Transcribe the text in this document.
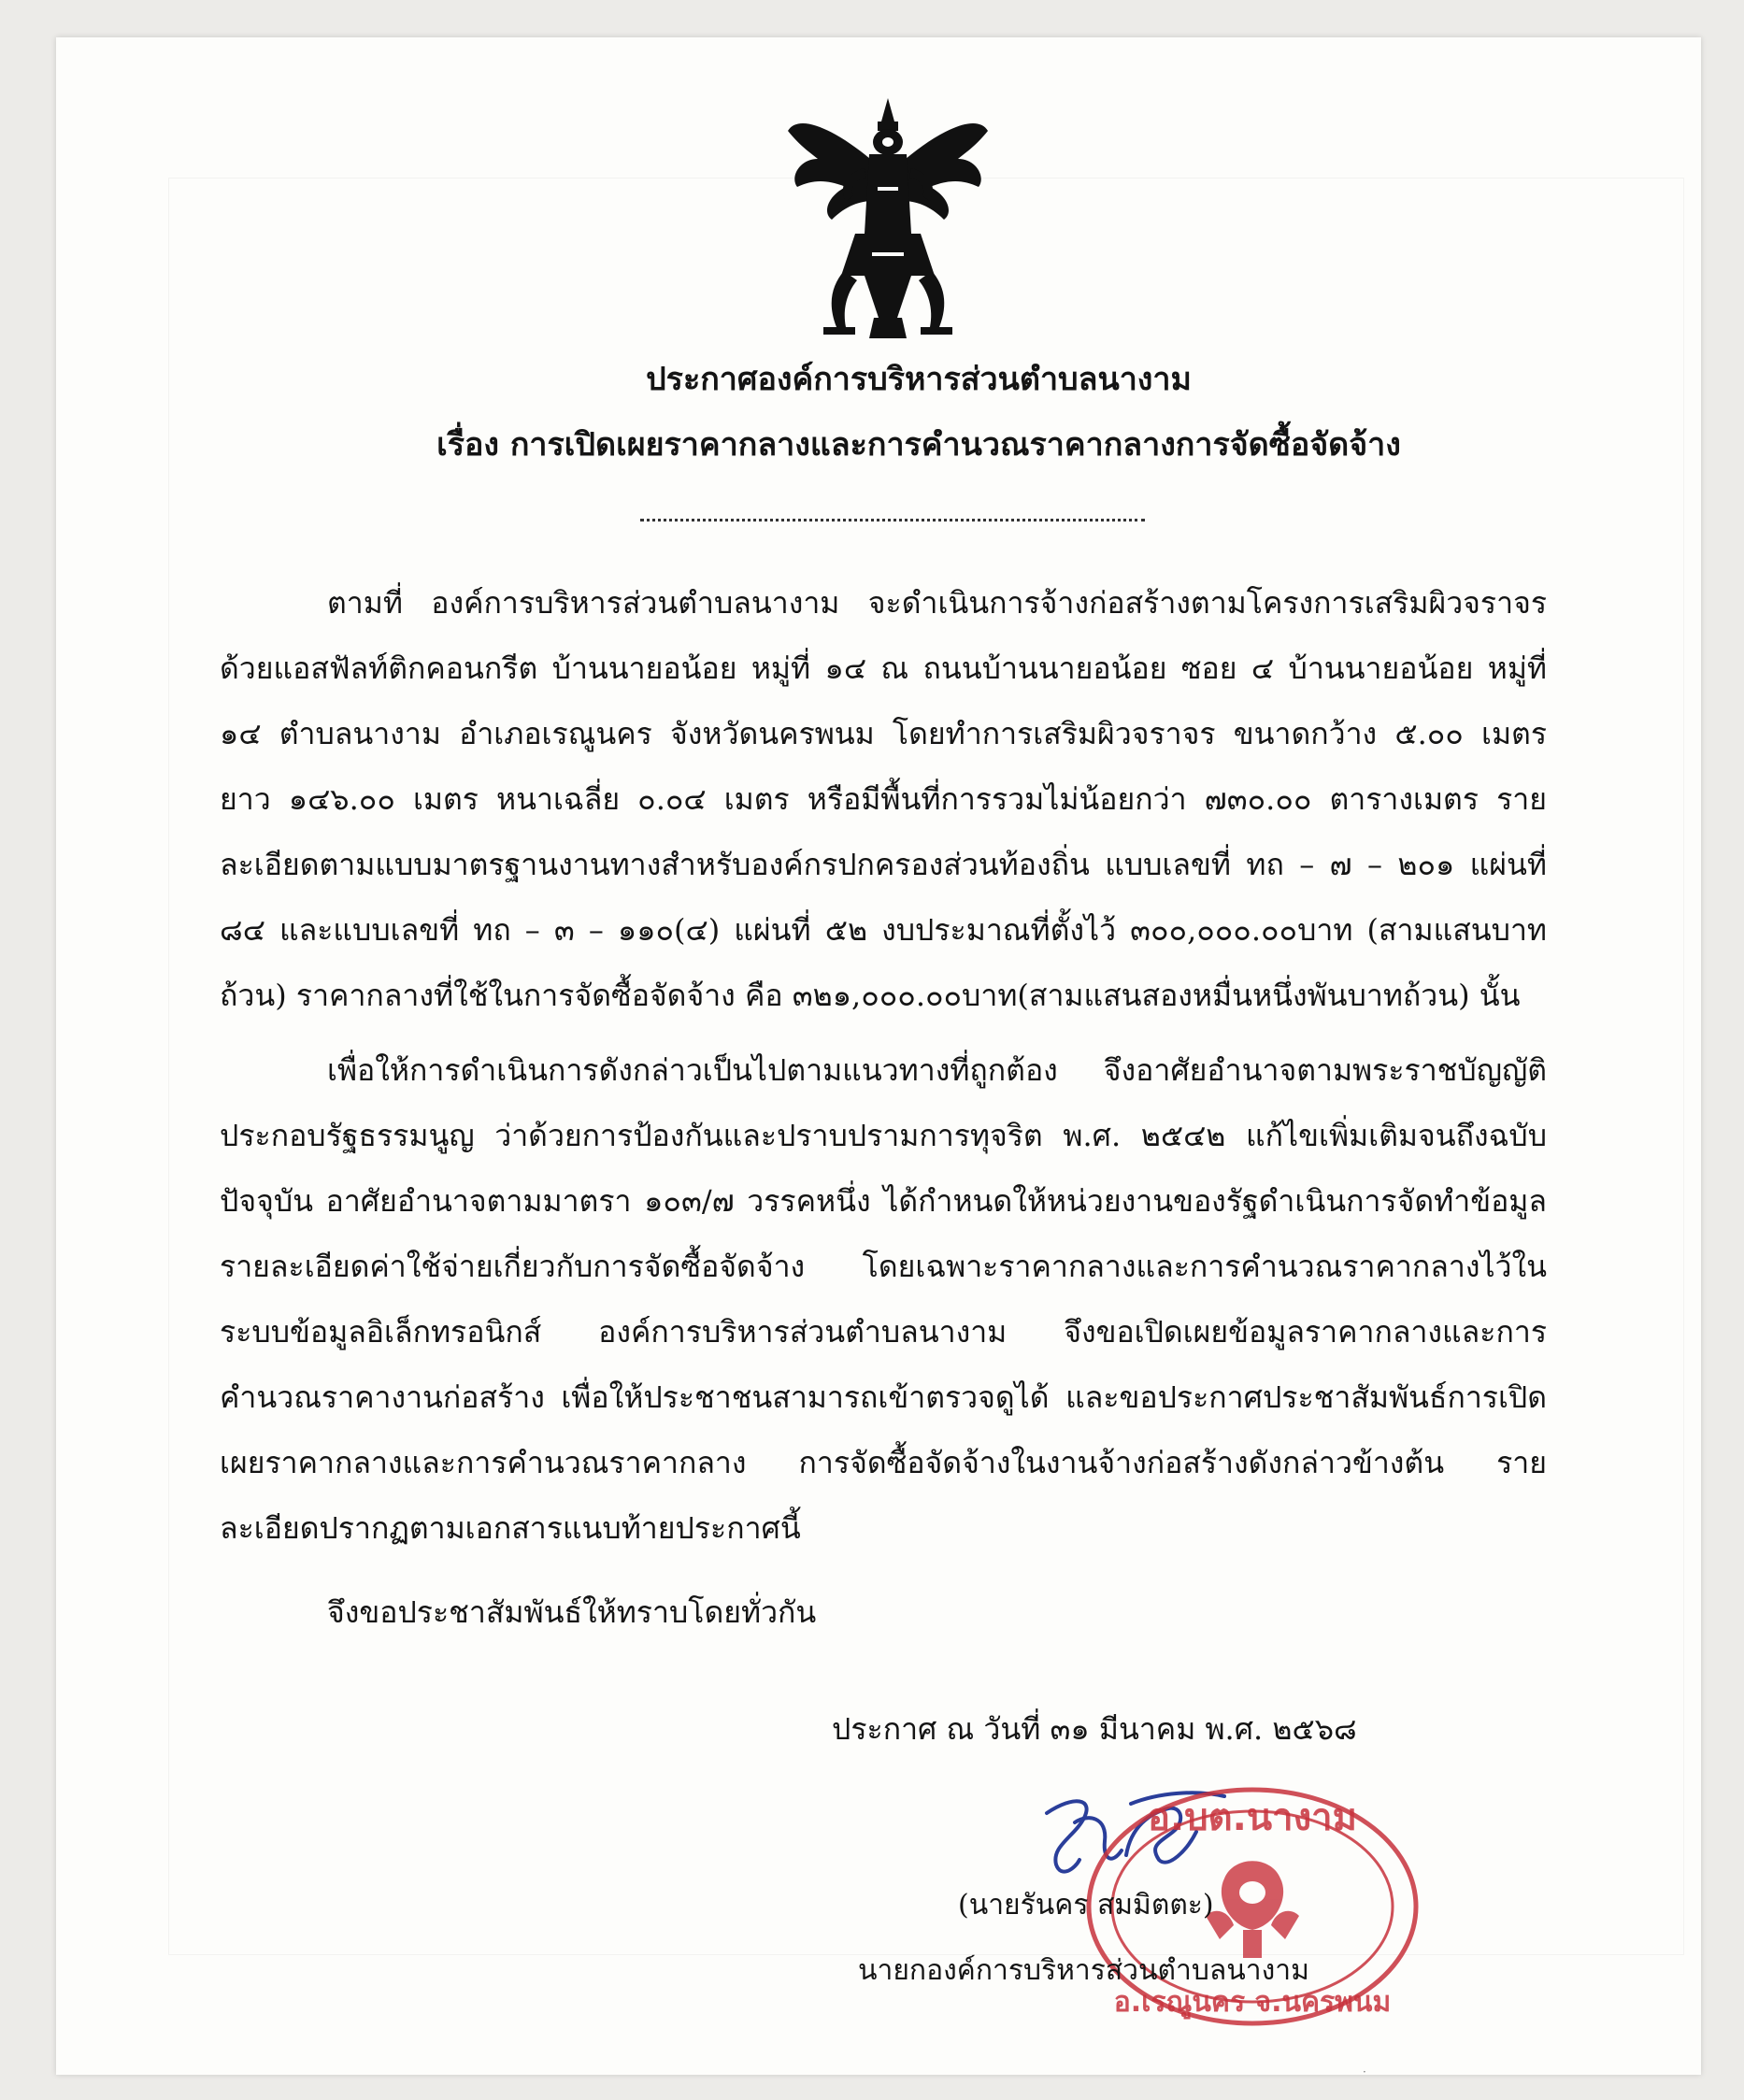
ประกาศองค์การบริหารส่วนตำบลนางาม
เรื่อง การเปิดเผยราคากลางและการคำนวณราคากลางการจัดซื้อจัดจ้าง

ตามที่ องค์การบริหารส่วนตำบลนางาม จะดำเนินการจ้างก่อสร้างตามโครงการเสริมผิวจราจรด้วยแอสฟัลท์ติกคอนกรีต บ้านนายอน้อย หมู่ที่ ๑๔ ณ ถนนบ้านนายอน้อย ซอย ๔ บ้านนายอน้อย หมู่ที่ ๑๔ ตำบลนางาม อำเภอเรณูนคร จังหวัดนครพนม โดยทำการเสริมผิวจราจร ขนาดกว้าง ๕.๐๐ เมตร ยาว ๑๔๖.๐๐ เมตร หนาเฉลี่ย ๐.๐๔ เมตร หรือมีพื้นที่การรวมไม่น้อยกว่า ๗๓๐.๐๐ ตารางเมตร รายละเอียดตามแบบมาตรฐานงานทางสำหรับองค์กรปกครองส่วนท้องถิ่น แบบเลขที่ ทถ – ๗ – ๒๐๑ แผ่นที่ ๘๔ และแบบเลขที่ ทถ – ๓ – ๑๑๐(๔) แผ่นที่ ๕๒ งบประมาณที่ตั้งไว้ ๓๐๐,๐๐๐.๐๐บาท (สามแสนบาทถ้วน) ราคากลางที่ใช้ในการจัดซื้อจัดจ้าง คือ ๓๒๑,๐๐๐.๐๐บาท(สามแสนสองหมื่นหนึ่งพันบาทถ้วน) นั้น

เพื่อให้การดำเนินการดังกล่าวเป็นไปตามแนวทางที่ถูกต้อง จึงอาศัยอำนาจตามพระราชบัญญัติประกอบรัฐธรรมนูญ ว่าด้วยการป้องกันและปราบปรามการทุจริต พ.ศ. ๒๕๔๒ แก้ไขเพิ่มเติมจนถึงฉบับปัจจุบัน อาศัยอำนาจตามมาตรา ๑๐๓/๗ วรรคหนึ่ง ได้กำหนดให้หน่วยงานของรัฐดำเนินการจัดทำข้อมูลรายละเอียดค่าใช้จ่ายเกี่ยวกับการจัดซื้อจัดจ้าง โดยเฉพาะราคากลางและการคำนวณราคากลางไว้ในระบบข้อมูลอิเล็กทรอนิกส์ องค์การบริหารส่วนตำบลนางาม จึงขอเปิดเผยข้อมูลราคากลางและการคำนวณราคางานก่อสร้าง เพื่อให้ประชาชนสามารถเข้าตรวจดูได้ และขอประกาศประชาสัมพันธ์การเปิดเผยราคากลางและการคำนวณราคากลาง การจัดซื้อจัดจ้างในงานจ้างก่อสร้างดังกล่าวข้างต้น รายละเอียดปรากฏตามเอกสารแนบท้ายประกาศนี้

จึงขอประชาสัมพันธ์ให้ทราบโดยทั่วกัน

ประกาศ ณ วันที่ ๓๑ มีนาคม พ.ศ. ๒๕๖๘

อ.บต.นางาม
อ.เรณูนคร จ.นครพนม

(นายรันคร สมมิตตะ)

นายกองค์การบริหารส่วนตำบลนางาม

·
